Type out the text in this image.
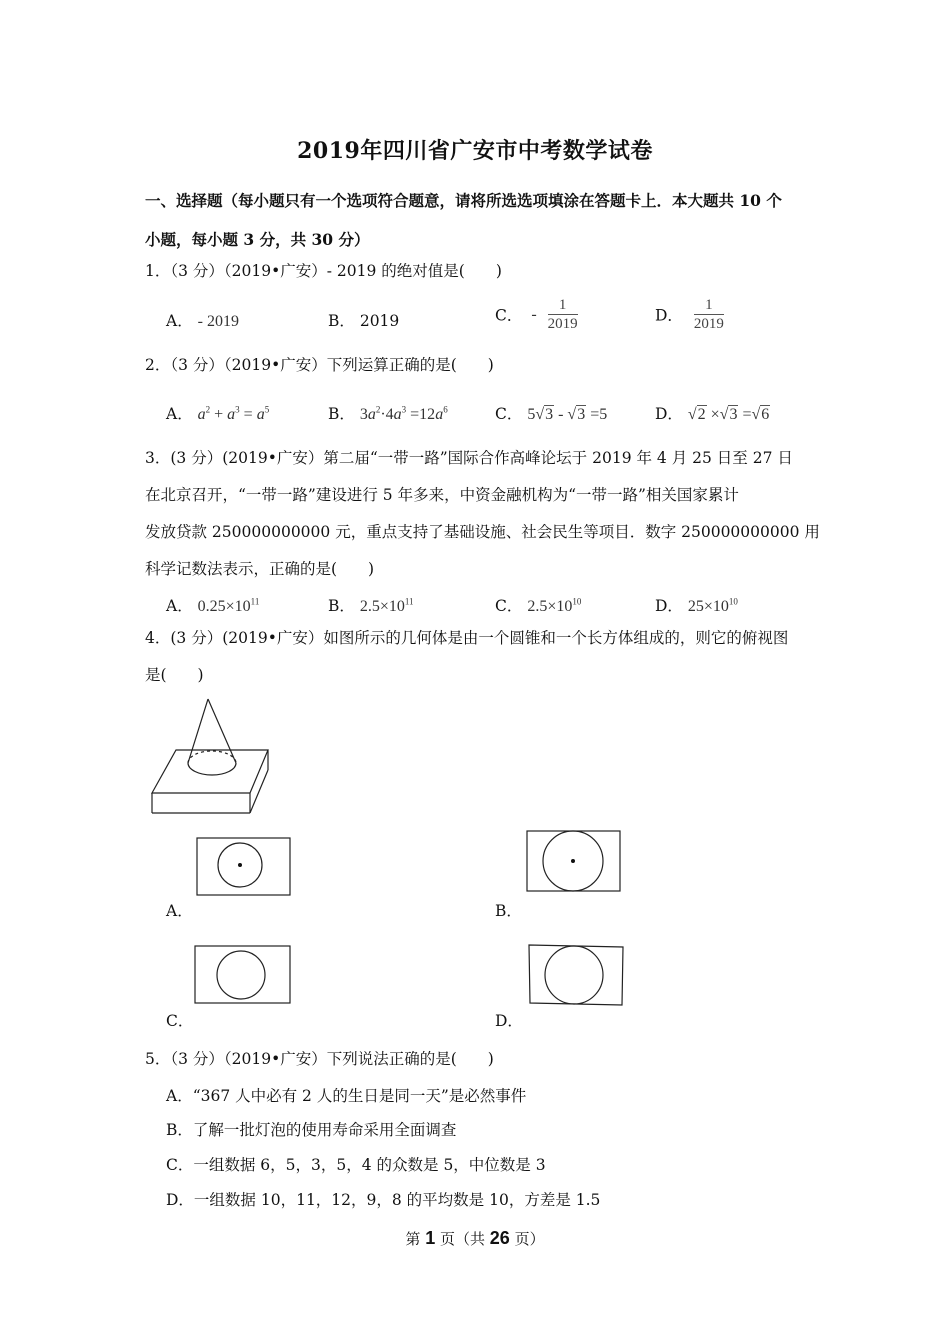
2019年四川省广安市中考数学试卷
一、选择题（每小题只有一个选项符合题意，请将所选选项填涂在答题卡上．本大题共 10 个
小题，每小题 3 分，共 30 分）
1．（3 分）（2019•广安）- 2019 的绝对值是(　　)
A． - 2019	B． 2019	C． - $\frac{1}{2019}$	D． $\frac{1}{2019}$
2．（3 分）（2019•广安）下列运算正确的是(　　)
A． $a^2 + a^3 = a^5$	B． $3a^2\cdot 4a^3 =12a^6$	C． 5√3 - √3 =5	D． √2 ×√3 =√6
3．(3 分）(2019•广安）第二届“一带一路”国际合作高峰论坛于 2019 年 4 月 25 日至 27 日
在北京召开，“一带一路”建设进行 5 年多来，中资金融机构为“一带一路”相关国家累计
发放贷款 250000000000 元，重点支持了基础设施、社会民生等项目．数字 250000000000 用
科学记数法表示，正确的是(　　)
A． $0.25\times 10^{11}$	B． $2.5\times 10^{11}$	C． $2.5\times 10^{10}$	D． $25\times 10^{10}$
4．(3 分）(2019•广安）如图所示的几何体是由一个圆锥和一个长方体组成的，则它的俯视图
是(　　)
A．	B．
C．	D．
5．（3 分）（2019•广安）下列说法正确的是(　　)
A．“367 人中必有 2 人的生日是同一天”是必然事件
B．了解一批灯泡的使用寿命采用全面调查
C．一组数据 6，5，3，5，4 的众数是 5，中位数是 3
D．一组数据 10，11，12，9，8 的平均数是 10，方差是 1.5
第 1 页（共 26 页）
